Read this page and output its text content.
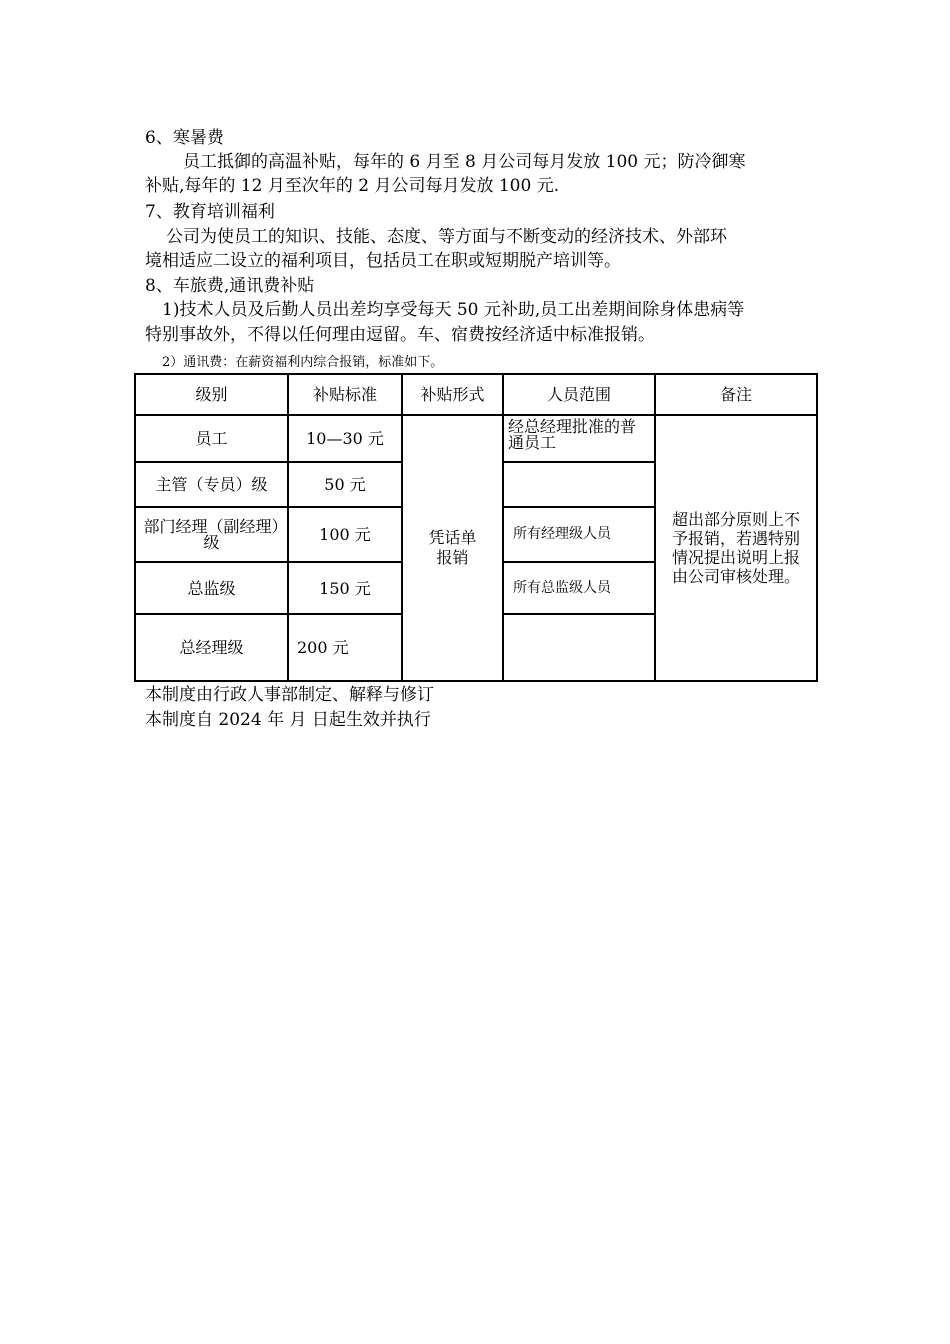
6、寒暑费
员工抵御的高温补贴，每年的 6 月至 8 月公司每月发放 100 元；防冷御寒
补贴,每年的 12 月至次年的 2 月公司每月发放 100 元.
7、教育培训福利
公司为使员工的知识、技能、态度、等方面与不断变动的经济技术、外部环
境相适应二设立的福利项目，包括员工在职或短期脱产培训等。
8、车旅费,通讯费补贴
1)技术人员及后勤人员出差均享受每天 50 元补助,员工出差期间除身体患病等
特别事故外，不得以任何理由逗留。车、宿费按经济适中标准报销。
2）通讯费：在薪资福利内综合报销，标准如下。
级别	补贴标准	补贴形式	人员范围	备注
员工	10—30 元	凭话单报销	经总经理批准的普通员工	超出部分原则上不予报销，若遇特别情况提出说明上报由公司审核处理。

主管（专员）级	50 元			

部门经理（副经理）级	100 元		所有经理级人员	
总监级	150 元		所有总监级人员	
总经理级	200 元			
本制度由行政人事部制定、解释与修订
本制度自 2024 年 月 日起生效并执行
